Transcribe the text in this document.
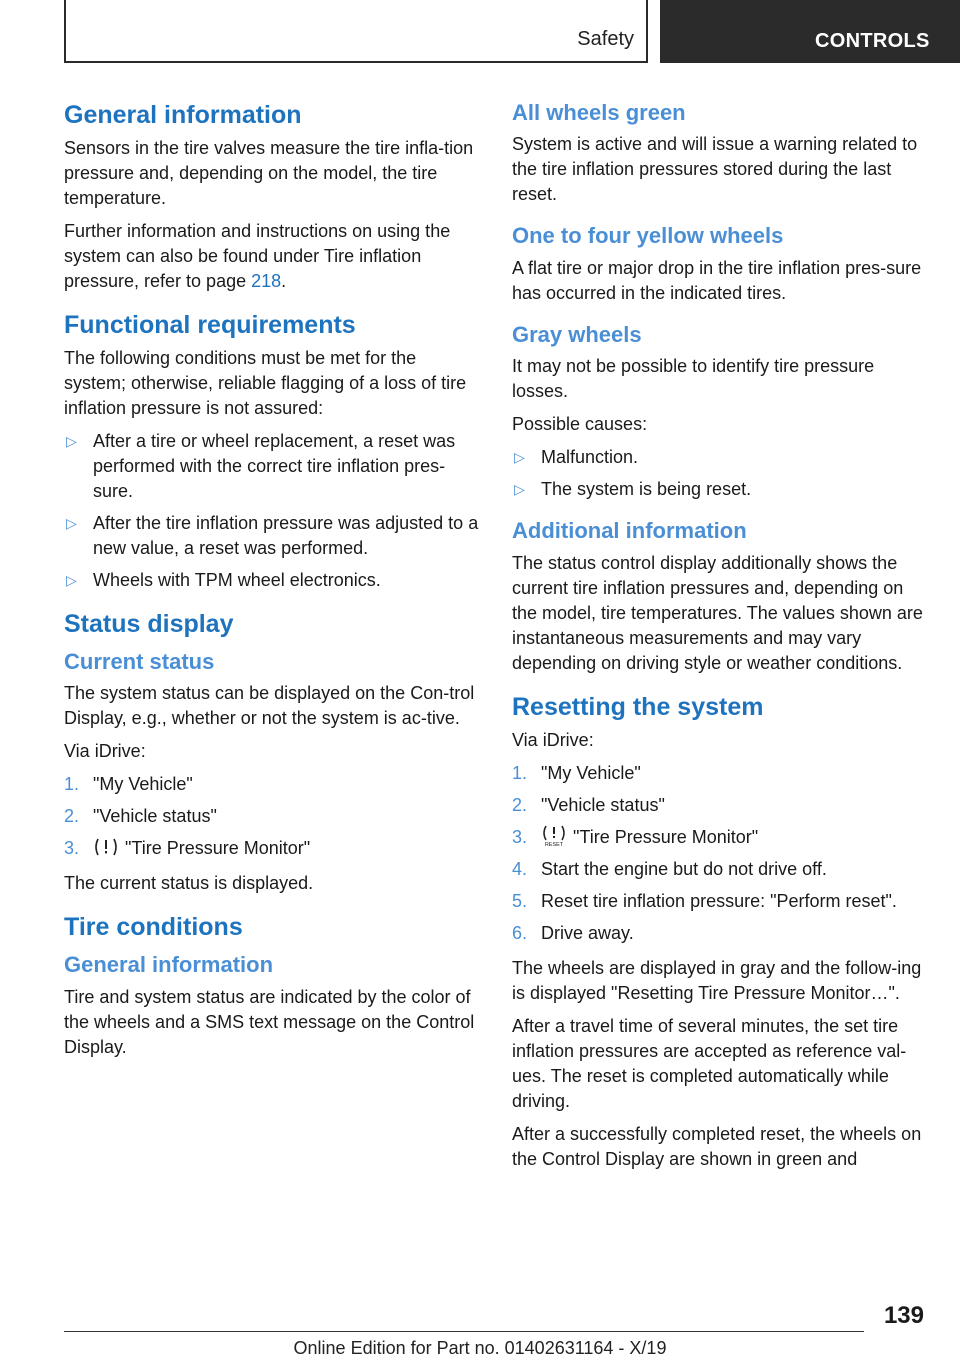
Safety	CONTROLS
General information

Sensors in the tire valves measure the tire infla-tion pressure and, depending on the model, the tire temperature.

Further information and instructions on using the system can also be found under Tire inflation pressure, refer to page 218.

Functional requirements

The following conditions must be met for the system; otherwise, reliable flagging of a loss of tire inflation pressure is not assured:

▷ After a tire or wheel replacement, a reset was performed with the correct tire inflation pres-sure.
▷ After the tire inflation pressure was adjusted to a new value, a reset was performed.
▷ Wheels with TPM wheel electronics.
Status display
Current status

The system status can be displayed on the Con-trol Display, e.g., whether or not the system is ac-tive.

Via iDrive:

1. "My Vehicle"
2. "Vehicle status"
3.	"Tire Pressure Monitor"

The current status is displayed.

Tire conditions
General information

Tire and system status are indicated by the color of the wheels and a SMS text message on the Control Display.

All wheels green

System is active and will issue a warning related to the tire inflation pressures stored during the last reset.

One to four yellow wheels

A flat tire or major drop in the tire inflation pres-sure has occurred in the indicated tires.

Gray wheels

It may not be possible to identify tire pressure losses.

Possible causes:

▷ Malfunction.
▷ The system is being reset.
Additional information

The status control display additionally shows the current tire inflation pressures and, depending on the model, tire temperatures. The values shown are instantaneous measurements and may vary depending on driving style or weather conditions.

Resetting the system

Via iDrive:

1. "My Vehicle"
2. "Vehicle status"
3.	RESET "Tire Pressure Monitor"
4. Start the engine but do not drive off.
5. Reset tire inflation pressure: "Perform reset".
6. Drive away.

The wheels are displayed in gray and the follow-ing is displayed "Resetting Tire Pressure Monitor…".

After a travel time of several minutes, the set tire inflation pressures are accepted as reference val-ues. The reset is completed automatically while driving.

After a successfully completed reset, the wheels on the Control Display are shown in green and

139
Online Edition for Part no. 01402631164 - X/19
